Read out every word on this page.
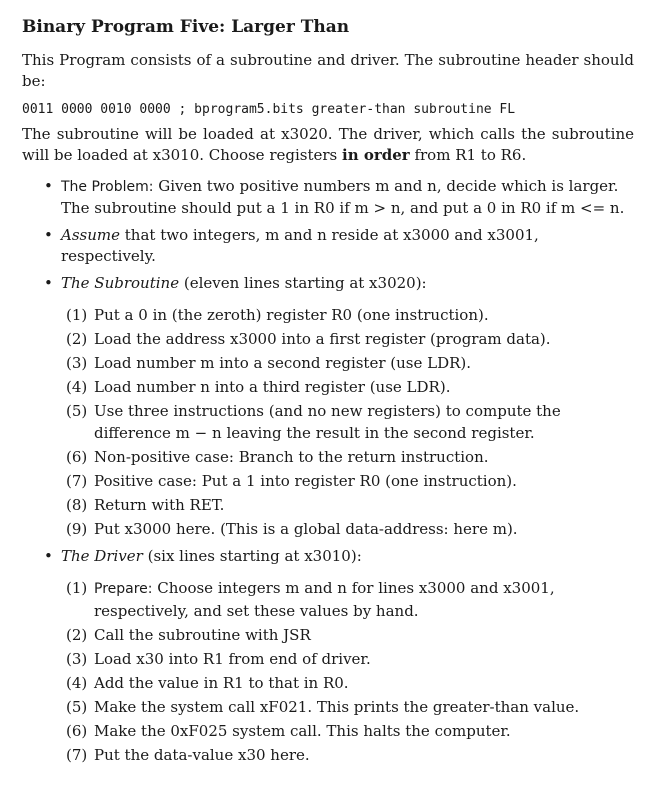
Binary Program Five: Larger Than

This Program consists of a subroutine and driver. The subroutine header should be:

0011 0000 0010 0000 ; bprogram5.bits greater-than subroutine FL

The subroutine will be loaded at x3020. The driver, which calls the subroutine will be loaded at x3010. Choose registers in order from R1 to R6.

• The Problem: Given two positive numbers m and n, decide which is larger. The subroutine should put a 1 in R0 if m > n, and put a 0 in R0 if m <= n.
• Assume that two integers, m and n reside at x3000 and x3001, respectively.
• The Subroutine (eleven lines starting at x3020):
(1) Put a 0 in (the zeroth) register R0 (one instruction).
(2) Load the address x3000 into a first register (program data).
(3) Load number m into a second register (use LDR).
(4) Load number n into a third register (use LDR).
(5) Use three instructions (and no new registers) to compute the difference m − n leaving the result in the second register.
(6) Non-positive case: Branch to the return instruction.
(7) Positive case: Put a 1 into register R0 (one instruction).
(8) Return with RET.
(9) Put x3000 here. (This is a global data-address: here m).
• The Driver (six lines starting at x3010):
(1) Prepare: Choose integers m and n for lines x3000 and x3001, respectively, and set these values by hand.
(2) Call the subroutine with JSR
(3) Load x30 into R1 from end of driver.
(4) Add the value in R1 to that in R0.
(5) Make the system call xF021. This prints the greater-than value.
(6) Make the 0xF025 system call. This halts the computer.
(7) Put the data-value x30 here.
